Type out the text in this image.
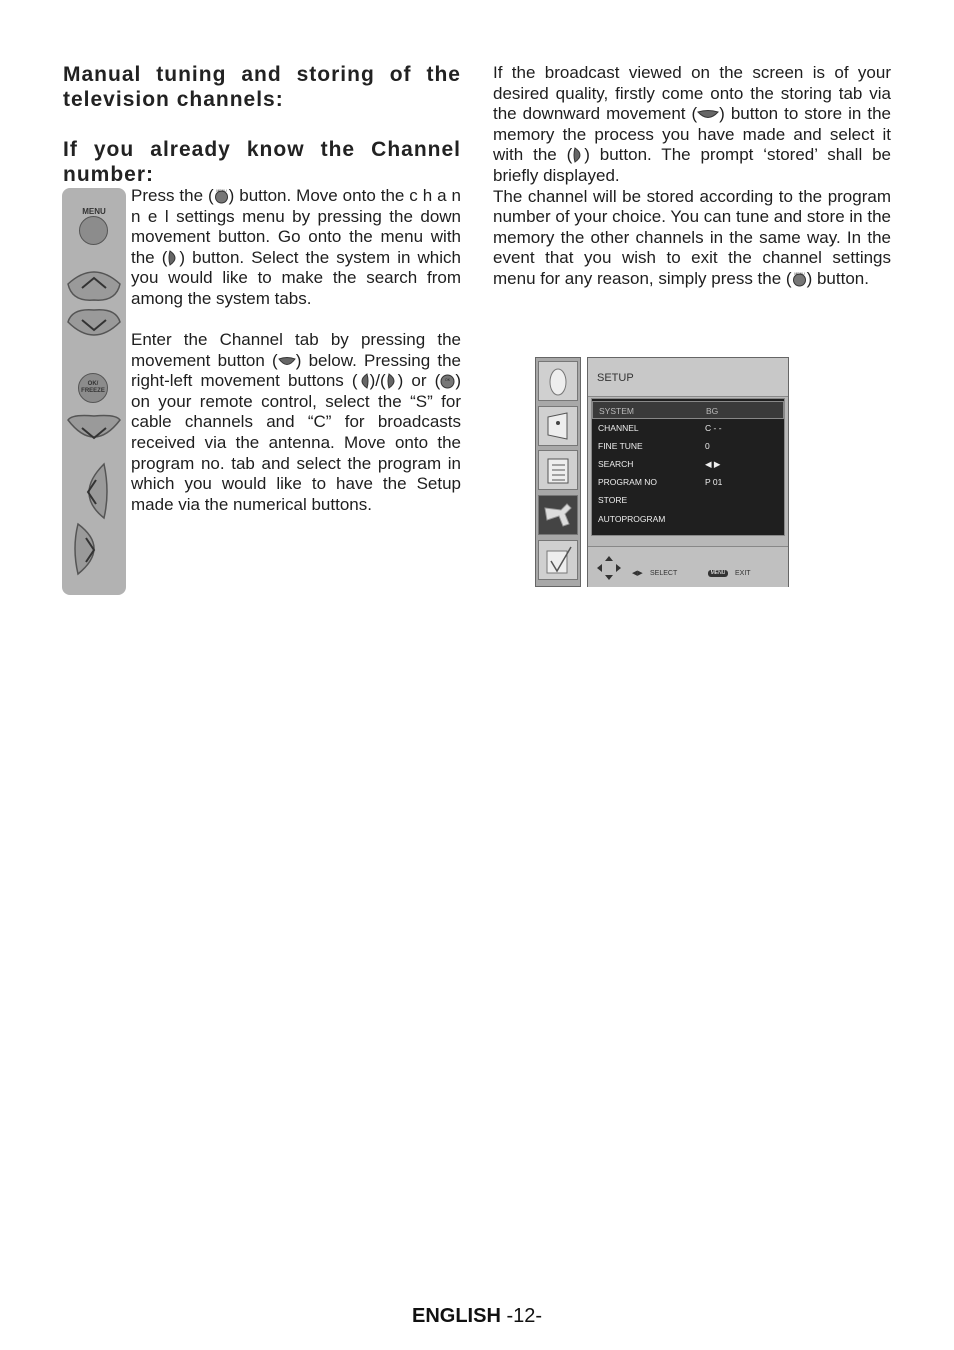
Manual tuning and storing of the television channels:
If you already know the Channel number:
MENU
OK/ FREEZE

Press the ( MENU ) button. Move onto the c h a n n e l settings menu by pressing the down movement button. Go onto the menu with the ( ) button. Select the system in which you would like to make the search from among the system tabs.

Enter the Channel tab by pressing the movement button ( ) below. Pressing the right-left movement buttons ( )/( ) or ( OK ) on your remote control, select the “S” for cable channels and “C” for broadcasts received via the antenna. Move onto the program no. tab and select the program in which you would like to have the Setup made via the numerical buttons.

If the broadcast viewed on the screen is of your desired quality, firstly come onto the storing tab via the downward movement ( ) button to store in the memory the process you have made and select it with the ( ) button. The prompt ‘stored’ shall be briefly displayed.
The channel will be stored according to the program number of your choice. You can tune and store in the memory the other channels in the same way. In the event that you wish to exit the channel settings menu for any reason, simply press the ( MENU ) button.

SETUP
SYSTEM	BG
CHANNEL	C - -
FINE TUNE	0
SEARCH	◀ ▶
PROGRAM NO	P 01
STORE
AUTOPROGRAM
◀▶ SELECT	MENU	EXIT
ENGLISH -12-
